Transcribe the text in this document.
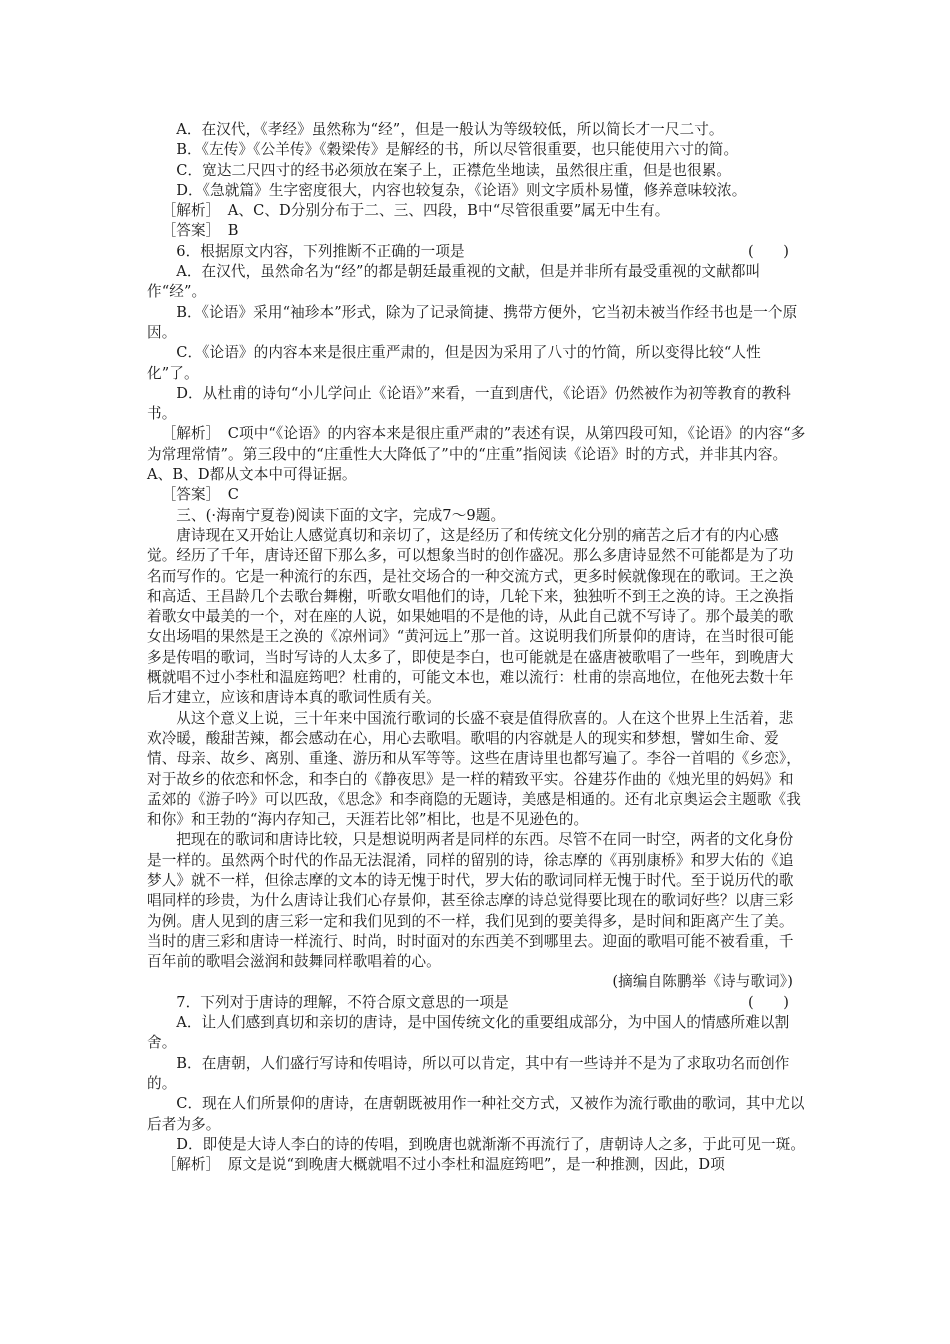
A．在汉代，《孝经》虽然称为“经”，但是一般认为等级较低，所以简长才一尺二寸。

B．《左传》《公羊传》《穀梁传》是解经的书，所以尽管很重要，也只能使用六寸的简。

C．宽达二尺四寸的经书必须放在案子上，正襟危坐地读，虽然很庄重，但是也很累。

D．《急就篇》生字密度很大，内容也较复杂，《论语》则文字质朴易懂，修养意味较浓。

［解析］　A、C、D分别分布于二、三、四段，B中“尽管很重要”属无中生有。

［答案］　B

6．根据原文内容，下列推断不正确的一项是	(　　)

A．在汉代，虽然命名为“经”的都是朝廷最重视的文献，但是并非所有最受重视的文献都叫作“经”。

B．《论语》采用“袖珍本”形式，除为了记录简捷、携带方便外，它当初未被当作经书也是一个原因。

C．《论语》的内容本来是很庄重严肃的，但是因为采用了八寸的竹简，所以变得比较“人性化”了。

D．从杜甫的诗句“小儿学问止《论语》”来看，一直到唐代，《论语》仍然被作为初等教育的教科书。

［解析］　C项中“《论语》的内容本来是很庄重严肃的”表述有误，从第四段可知，《论语》的内容“多为常理常情”。第三段中的“庄重性大大降低了”中的“庄重”指阅读《论语》时的方式，并非其内容。A、B、D都从文本中可得证据。

［答案］　C

三、(·海南宁夏卷)阅读下面的文字，完成7～9题。

唐诗现在又开始让人感觉真切和亲切了，这是经历了和传统文化分别的痛苦之后才有的内心感觉。经历了千年，唐诗还留下那么多，可以想象当时的创作盛况。那么多唐诗显然不可能都是为了功名而写作的。它是一种流行的东西，是社交场合的一种交流方式，更多时候就像现在的歌词。王之涣和高适、王昌龄几个去歌台舞榭，听歌女唱他们的诗，几轮下来，独独听不到王之涣的诗。王之涣指着歌女中最美的一个，对在座的人说，如果她唱的不是他的诗，从此自己就不写诗了。那个最美的歌女出场唱的果然是王之涣的《凉州词》“黄河远上”那一首。这说明我们所景仰的唐诗，在当时很可能多是传唱的歌词，当时写诗的人太多了，即使是李白，也可能就是在盛唐被歌唱了一些年，到晚唐大概就唱不过小李杜和温庭筠吧？杜甫的，可能文本也，难以流行：杜甫的崇高地位，在他死去数十年后才建立，应该和唐诗本真的歌词性质有关。

从这个意义上说，三十年来中国流行歌词的长盛不衰是值得欣喜的。人在这个世界上生活着，悲欢冷暖，酸甜苦辣，都会感动在心，用心去歌唱。歌唱的内容就是人的现实和梦想，譬如生命、爱情、母亲、故乡、离别、重逢、游历和从军等等。这些在唐诗里也都写遍了。李谷一首唱的《乡恋》，对于故乡的依恋和怀念，和李白的《静夜思》是一样的精致平实。谷建芬作曲的《烛光里的妈妈》和孟郊的《游子吟》可以匹敌，《思念》和李商隐的无题诗，美感是相通的。还有北京奥运会主题歌《我和你》和王勃的“海内存知己，天涯若比邻”相比，也是不见逊色的。

把现在的歌词和唐诗比较，只是想说明两者是同样的东西。尽管不在同一时空，两者的文化身份是一样的。虽然两个时代的作品无法混淆，同样的留别的诗，徐志摩的《再别康桥》和罗大佑的《追梦人》就不一样，但徐志摩的文本的诗无愧于时代，罗大佑的歌词同样无愧于时代。至于说历代的歌唱同样的珍贵，为什么唐诗让我们心存景仰，甚至徐志摩的诗总觉得要比现在的歌词好些？以唐三彩为例。唐人见到的唐三彩一定和我们见到的不一样，我们见到的要美得多，是时间和距离产生了美。当时的唐三彩和唐诗一样流行、时尚，时时面对的东西美不到哪里去。迎面的歌唱可能不被看重，千百年前的歌唱会滋润和鼓舞同样歌唱着的心。

(摘编自陈鹏举《诗与歌词》)

7．下列对于唐诗的理解，不符合原文意思的一项是	(　　)

A．让人们感到真切和亲切的唐诗，是中国传统文化的重要组成部分，为中国人的情感所难以割舍。

B．在唐朝，人们盛行写诗和传唱诗，所以可以肯定，其中有一些诗并不是为了求取功名而创作的。

C．现在人们所景仰的唐诗，在唐朝既被用作一种社交方式，又被作为流行歌曲的歌词，其中尤以后者为多。

D．即使是大诗人李白的诗的传唱，到晚唐也就渐渐不再流行了，唐朝诗人之多，于此可见一斑。

［解析］　原文是说“到晚唐大概就唱不过小李杜和温庭筠吧”，是一种推测，因此，D项
